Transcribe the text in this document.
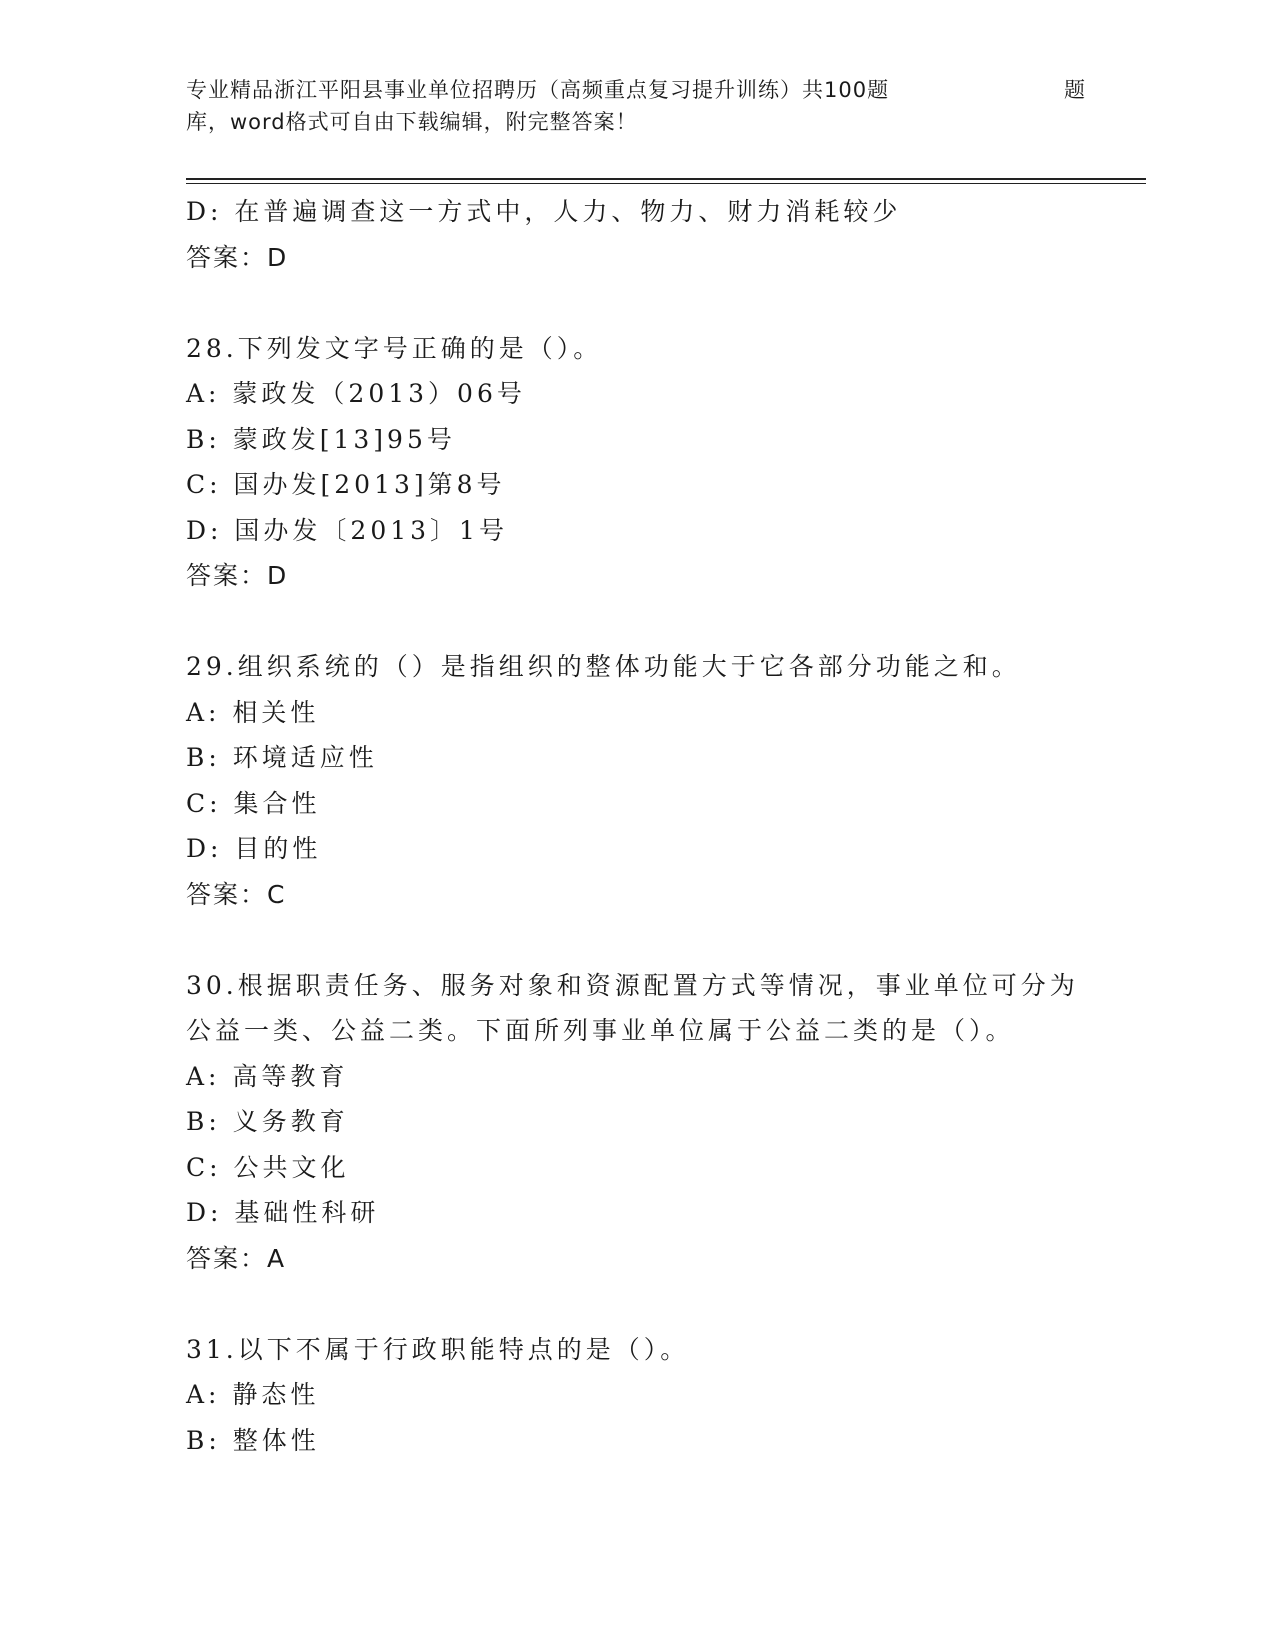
专业精品浙江平阳县事业单位招聘历（高频重点复习提升训练）共100题	题
库，word格式可自由下载编辑，附完整答案！
D: 在普遍调查这一方式中，人力、物力、财力消耗较少
答案：D
28.下列发文字号正确的是（）。
A: 蒙政发（2013）06号
B: 蒙政发[13]95号
C: 国办发[2013]第8号
D: 国办发〔2013〕1号
答案：D
29.组织系统的（）是指组织的整体功能大于它各部分功能之和。
A: 相关性
B: 环境适应性
C: 集合性
D: 目的性
答案：C
30.根据职责任务、服务对象和资源配置方式等情况，事业单位可分为
公益一类、公益二类。下面所列事业单位属于公益二类的是（）。
A: 高等教育
B: 义务教育
C: 公共文化
D: 基础性科研
答案：A
31.以下不属于行政职能特点的是（）。
A: 静态性
B: 整体性
